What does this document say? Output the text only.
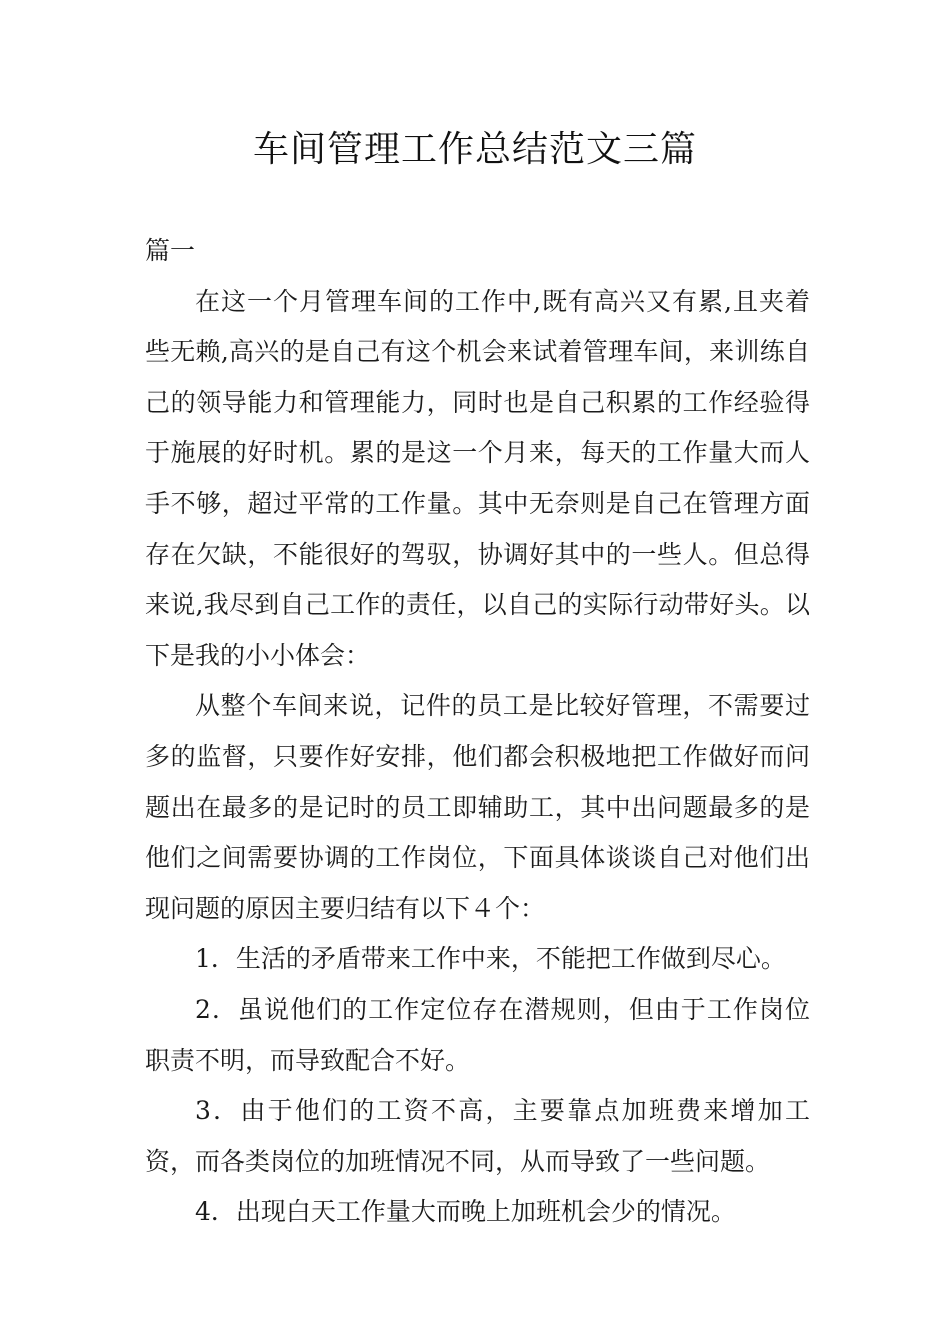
车间管理工作总结范文三篇

篇一

在这一个月管理车间的工作中,既有高兴又有累,且夹着些无赖,高兴的是自己有这个机会来试着管理车间，来训练自己的领导能力和管理能力，同时也是自己积累的工作经验得于施展的好时机。累的是这一个月来，每天的工作量大而人手不够，超过平常的工作量。其中无奈则是自己在管理方面存在欠缺，不能很好的驾驭，协调好其中的一些人。但总得来说,我尽到自己工作的责任，以自己的实际行动带好头。以下是我的小小体会：

从整个车间来说，记件的员工是比较好管理，不需要过多的监督，只要作好安排，他们都会积极地把工作做好而问题出在最多的是记时的员工即辅助工，其中出问题最多的是他们之间需要协调的工作岗位，下面具体谈谈自己对他们出现问题的原因主要归结有以下４个：

1．生活的矛盾带来工作中来，不能把工作做到尽心。

2．虽说他们的工作定位存在潜规则，但由于工作岗位职责不明，而导致配合不好。

3．由于他们的工资不高，主要靠点加班费来增加工资，而各类岗位的加班情况不同，从而导致了一些问题。

4．出现白天工作量大而晚上加班机会少的情况。
